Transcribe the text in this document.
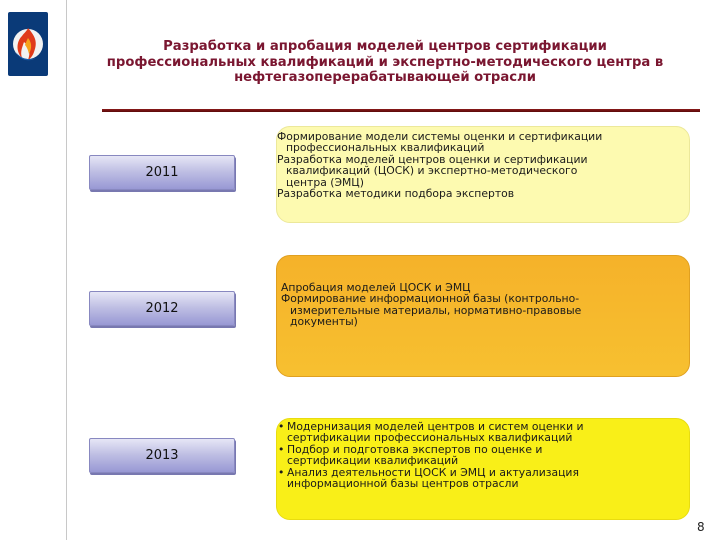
Разработка и апробация моделей центров сертификации
профессиональных квалификаций и экспертно-методического центра в
нефтегазоперерабатывающей отрасли
2011
Формирование модели системы оценки и сертификации
профессиональных квалификаций
Разработка моделей центров оценки и сертификации
квалификаций (ЦОСК) и экспертно-методического
центра (ЭМЦ)
Разработка методики подбора экспертов
2012
Апробация моделей ЦОСК и ЭМЦ
Формирование информационной базы (контрольно-
измерительные материалы, нормативно-правовые
документы)
2013
• Модернизация моделей центров и систем оценки и
сертификации профессиональных квалификаций
• Подбор и подготовка экспертов по оценке и
сертификации квалификаций
• Анализ деятельности ЦОСК и ЭМЦ и актуализация
информационной базы центров отрасли
8
